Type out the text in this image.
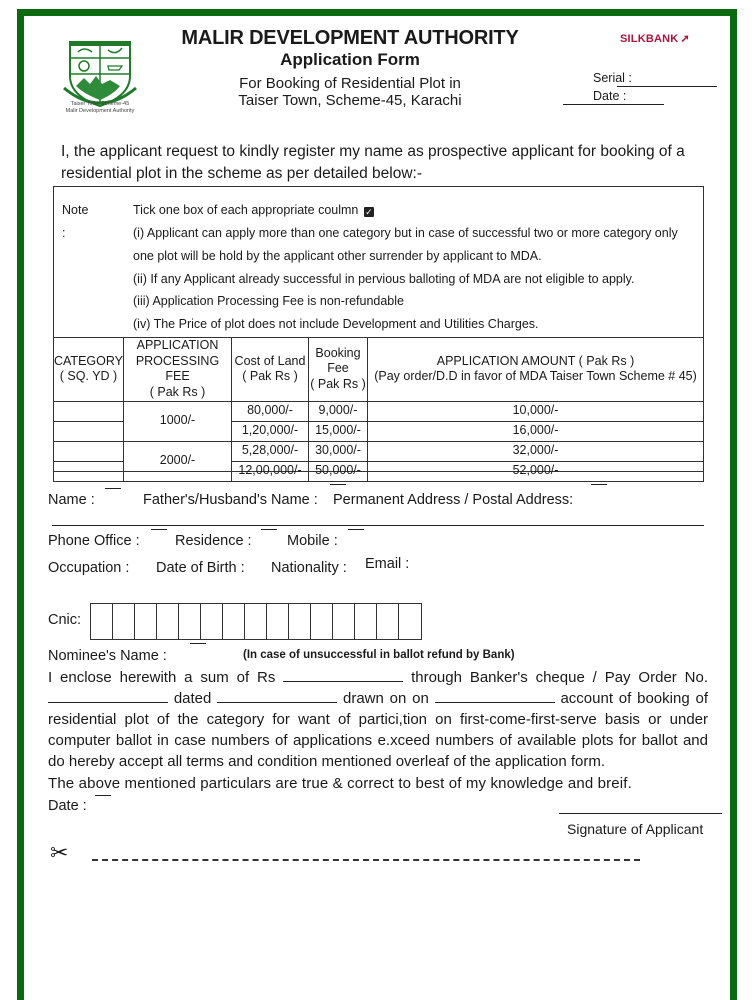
Taiser Town Scheme-45
Malir Development Authority
MALIR DEVELOPMENT AUTHORITY
Application Form
For Booking of Residential Plot in
Taiser Town, Scheme-45, Karachi
SILKBANK ➚
Serial :
Date :
I, the applicant request to kindly register my name as prospective applicant for booking of a
residential plot in the scheme as per detailed below:-
Note
:
Tick one box of each appropriate coulmn ✓
(i) Applicant can apply more than one category but in case of successful two or more category only
one plot will be hold by the applicant other surrender by applicant to MDA.
(ii) If any Applicant already successful in pervious balloting of MDA are not eligible to apply.
(iii) Application Processing Fee is non-refundable
(iv) The Price of plot does not include Development and Utilities Charges.
CATEGORY
( SQ. YD )

APPLICATION
PROCESSING FEE
( Pak Rs )

Cost of Land
( Pak Rs )

Booking
Fee
( Pak Rs )

APPLICATION AMOUNT ( Pak Rs )
(Pay order/D.D in favor of MDA Taiser Town Scheme # 45)

	1000/-	80,000/-	9,000/-	10,000/-
		1,20,000/-	15,000/-	16,000/-
	2000/-	5,28,000/-	30,000/-	32,000/-
		12,00,000/-	50,000/-	52,000/-
Name :	Father's/Husband's Name : Permanent Address / Postal Address:
Phone Office : Residence : Mobile :
Occupation : Date of Birth : Nationality : Email :
Cnic:
Nominee's Name :	(In case of unsuccessful in ballot refund by Bank)
I enclose herewith a sum of Rs	through Banker's cheque / Pay Order No.  dated	drawn on on	account of booking of residential plot of the category for want of partici,tion on first-come-first-serve basis or under computer ballot in case numbers of applications e.xceed numbers of available plots for ballot and do hereby accept all terms and condition mentioned overleaf of the application form.
The above mentioned particulars are true & correct to best of my knowledge and breif.
Date :
Signature of Applicant
✂
